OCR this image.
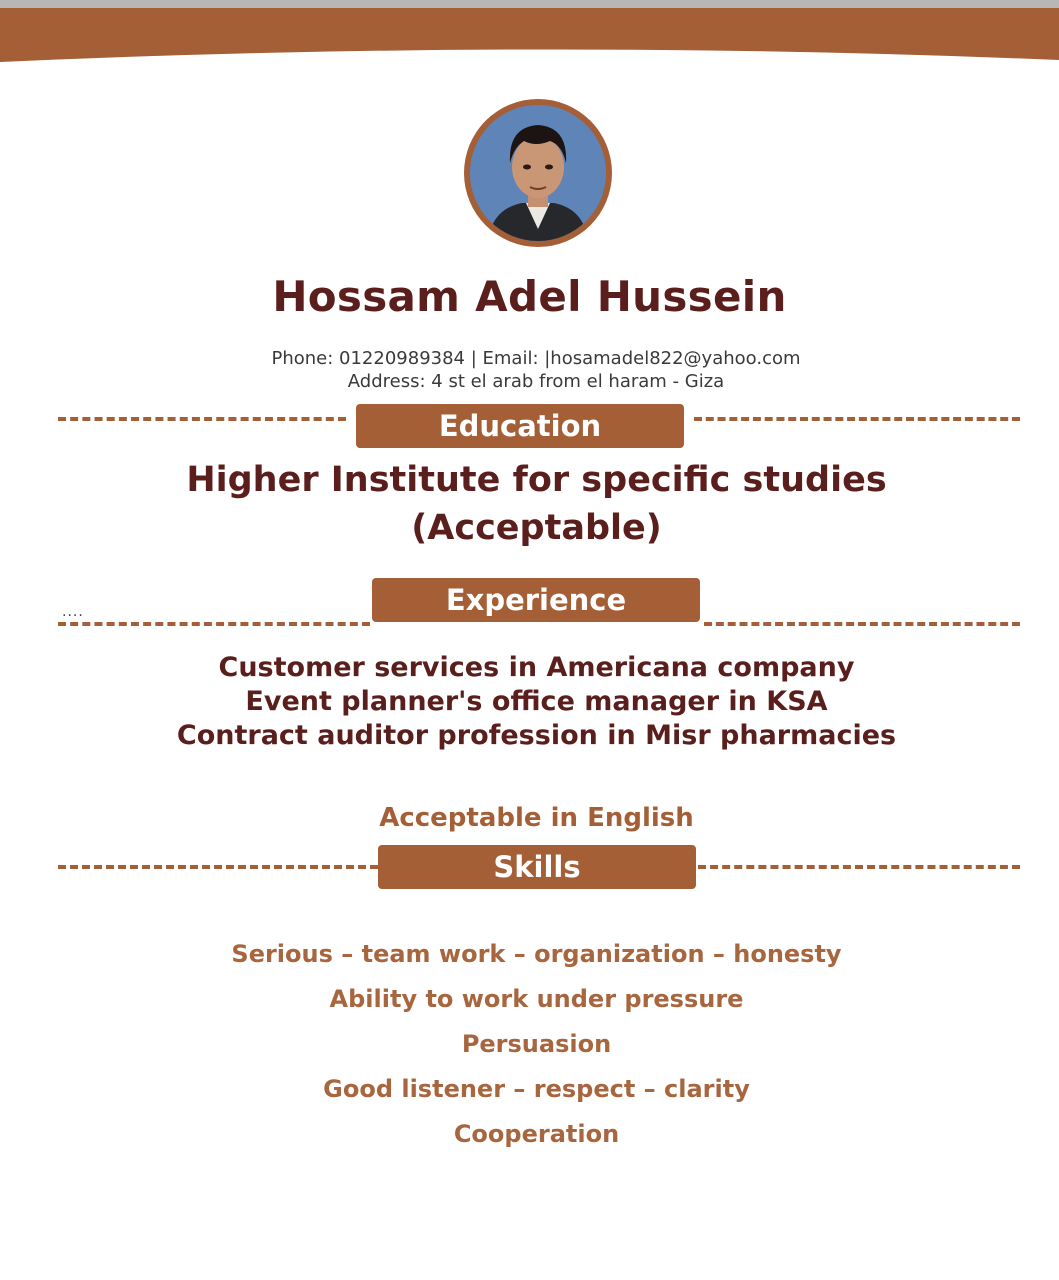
Hossam Adel Hussein
Phone: 01220989384 | Email: |hosamadel822@yahoo.com
Address: 4 st el arab from el haram - Giza
Education
Higher Institute for specific studies
(Acceptable)
....	Experience
Customer services in Americana company
Event planner's office manager in KSA
Contract auditor profession in Misr pharmacies
Acceptable in English
Skills
Serious – team work – organization – honesty
Ability to work under pressure
Persuasion
Good listener – respect – clarity
Cooperation
